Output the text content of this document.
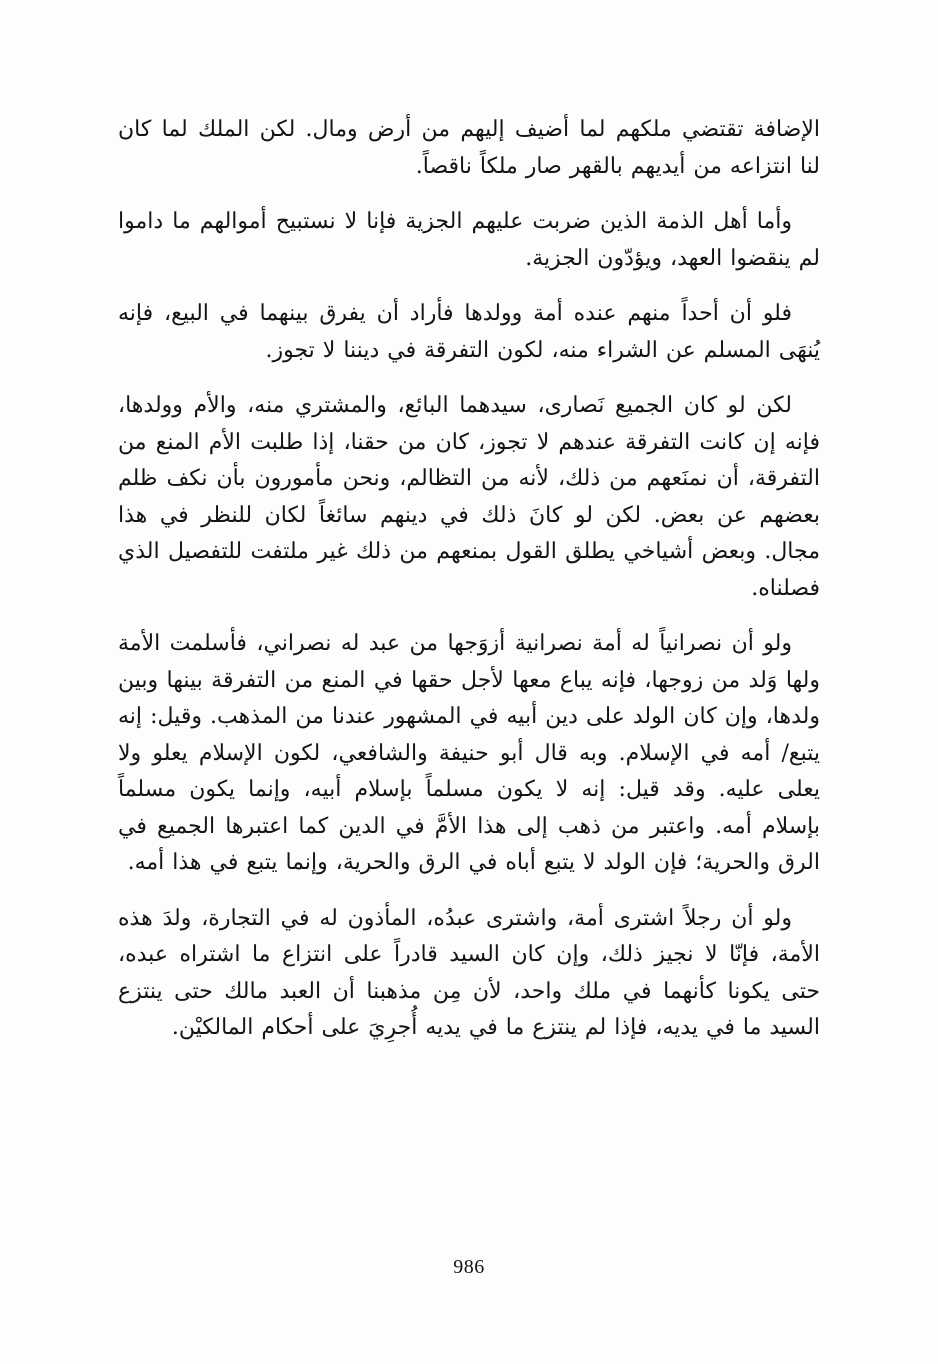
الإضافة تقتضي ملكهم لما أضيف إليهم من أرض ومال. لكن الملك لما كان لنا انتزاعه من أيديهم بالقهر صار ملكاً ناقصاً.

وأما أهل الذمة الذين ضربت عليهم الجزية فإنا لا نستبيح أموالهم ما داموا لم ينقضوا العهد، ويؤدّون الجزية.

فلو أن أحداً منهم عنده أمة وولدها فأراد أن يفرق بينهما في البيع، فإنه يُنهَى المسلم عن الشراء منه، لكون التفرقة في ديننا لا تجوز.

لكن لو كان الجميع نَصارى، سيدهما البائع، والمشتري منه، والأم وولدها، فإنه إن كانت التفرقة عندهم لا تجوز، كان من حقنا، إذا طلبت الأم المنع من التفرقة، أن نمنَعهم من ذلك، لأنه من التظالم، ونحن مأمورون بأن نكف ظلم بعضهم عن بعض. لكن لو كانَ ذلك في دينهم سائغاً لكان للنظر في هذا مجال. وبعض أشياخي يطلق القول بمنعهم من ذلك غير ملتفت للتفصيل الذي فصلناه.

ولو أن نصرانياً له أمة نصرانية أزوَجها من عبد له نصراني، فأسلمت الأمة ولها وَلد من زوجها، فإنه يباع معها لأجل حقها في المنع من التفرقة بينها وبين ولدها، وإن كان الولد على دين أبيه في المشهور عندنا من المذهب. وقيل: إنه يتبع/ أمه في الإسلام. وبه قال أبو حنيفة والشافعي، لكون الإسلام يعلو ولا يعلى عليه. وقد قيل: إنه لا يكون مسلماً بإسلام أبيه، وإنما يكون مسلماً بإسلام أمه. واعتبر من ذهب إلى هذا الأمَّ في الدين كما اعتبرها الجميع في الرق والحرية؛ فإن الولد لا يتبع أباه في الرق والحرية، وإنما يتبع في هذا أمه.

ولو أن رجلاً اشترى أمة، واشترى عبدُه، المأذون له في التجارة، ولدَ هذه الأمة، فإنّا لا نجيز ذلك، وإن كان السيد قادراً على انتزاع ما اشتراه عبده، حتى يكونا كأنهما في ملك واحد، لأن مِن مذهبنا أن العبد مالك حتى ينتزع السيد ما في يديه، فإذا لم ينتزع ما في يديه أُجرِيَ على أحكام المالكيْن.

986
